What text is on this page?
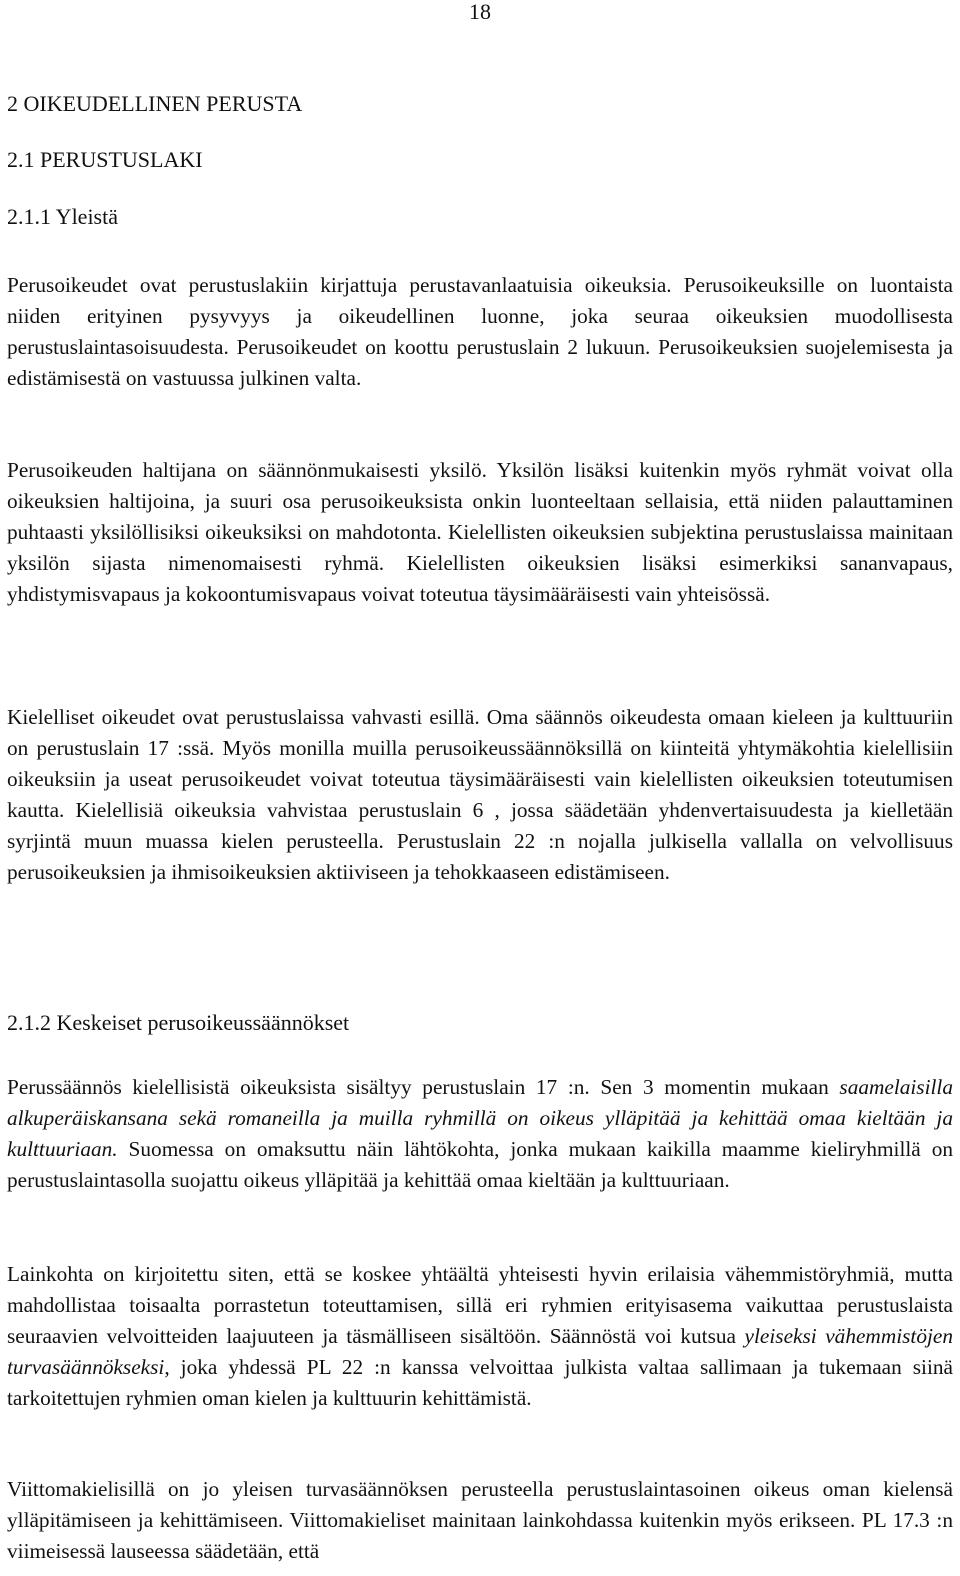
18
2 OIKEUDELLINEN PERUSTA
2.1 PERUSTUSLAKI
2.1.1 Yleistä

Perusoikeudet ovat perustuslakiin kirjattuja perustavanlaatuisia oikeuksia. Perusoikeuksille on luontaista niiden erityinen pysyvyys ja oikeudellinen luonne, joka seuraa oikeuksien muodollisesta perustuslaintasoisuudesta. Perusoikeudet on koottu perustuslain 2 lukuun. Perusoikeuksien suojelemisesta ja edistämisestä on vastuussa julkinen valta.

Perusoikeuden haltijana on säännönmukaisesti yksilö. Yksilön lisäksi kuitenkin myös ryhmät voivat olla oikeuksien haltijoina, ja suuri osa perusoikeuksista onkin luonteeltaan sellaisia, että niiden palauttaminen puhtaasti yksilöllisiksi oikeuksiksi on mahdotonta. Kielellisten oikeuksien subjektina perustuslaissa mainitaan yksilön sijasta nimenomaisesti ryhmä. Kielellisten oikeuksien lisäksi esimerkiksi sananvapaus, yhdistymisvapaus ja kokoontumisvapaus voivat toteutua täysimääräisesti vain yhteisössä.

Kielelliset oikeudet ovat perustuslaissa vahvasti esillä. Oma säännös oikeudesta omaan kieleen ja kulttuuriin on perustuslain 17 :ssä. Myös monilla muilla perusoikeussäännöksillä on kiinteitä yhtymäkohtia kielellisiin oikeuksiin ja useat perusoikeudet voivat toteutua täysimääräisesti vain kielellisten oikeuksien toteutumisen kautta. Kielellisiä oikeuksia vahvistaa perustuslain 6 , jossa säädetään yhdenvertaisuudesta ja kielletään syrjintä muun muassa kielen perusteella. Perustuslain 22 :n nojalla julkisella vallalla on velvollisuus perusoikeuksien ja ihmisoikeuksien aktiiviseen ja tehokkaaseen edistämiseen.

2.1.2 Keskeiset perusoikeussäännökset

Perussäännös kielellisistä oikeuksista sisältyy perustuslain 17 :n. Sen 3 momentin mukaan saamelaisilla alkuperäiskansana sekä romaneilla ja muilla ryhmillä on oikeus ylläpitää ja kehittää omaa kieltään ja kulttuuriaan. Suomessa on omaksuttu näin lähtökohta, jonka mukaan kaikilla maamme kieliryhmillä on perustuslaintasolla suojattu oikeus ylläpitää ja kehittää omaa kieltään ja kulttuuriaan.

Lainkohta on kirjoitettu siten, että se koskee yhtäältä yhteisesti hyvin erilaisia vähemmistöryhmiä, mutta mahdollistaa toisaalta porrastetun toteuttamisen, sillä eri ryhmien erityisasema vaikuttaa perustuslaista seuraavien velvoitteiden laajuuteen ja täsmälliseen sisältöön. Säännöstä voi kutsua yleiseksi vähemmistöjen turvasäännökseksi, joka yhdessä PL 22 :n kanssa velvoittaa julkista valtaa sallimaan ja tukemaan siinä tarkoitettujen ryhmien oman kielen ja kulttuurin kehittämistä.

Viittomakielisillä on jo yleisen turvasäännöksen perusteella perustuslaintasoinen oikeus oman kielensä ylläpitämiseen ja kehittämiseen. Viittomakieliset mainitaan lainkohdassa kuitenkin myös erikseen. PL 17.3 :n viimeisessä lauseessa säädetään, että
